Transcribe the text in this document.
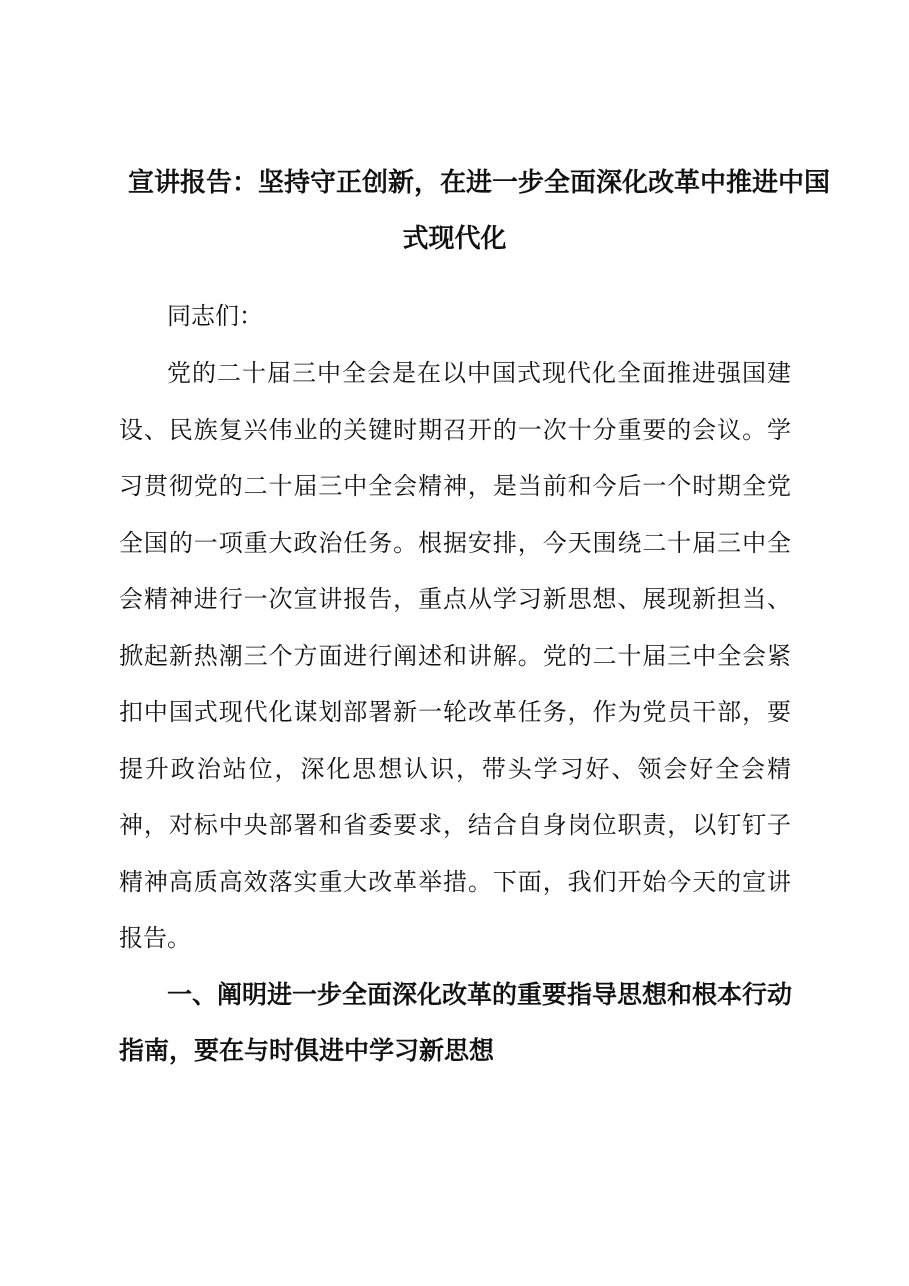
宣讲报告：坚持守正创新，在进一步全面深化改革中推进中国
式现代化
同志们：
党的二十届三中全会是在以中国式现代化全面推进强国建
设、民族复兴伟业的关键时期召开的一次十分重要的会议。学
习贯彻党的二十届三中全会精神，是当前和今后一个时期全党
全国的一项重大政治任务。根据安排，今天围绕二十届三中全
会精神进行一次宣讲报告，重点从学习新思想、展现新担当、
掀起新热潮三个方面进行阐述和讲解。党的二十届三中全会紧
扣中国式现代化谋划部署新一轮改革任务，作为党员干部，要
提升政治站位，深化思想认识，带头学习好、领会好全会精
神，对标中央部署和省委要求，结合自身岗位职责，以钉钉子
精神高质高效落实重大改革举措。下面，我们开始今天的宣讲
报告。
一、阐明进一步全面深化改革的重要指导思想和根本行动
指南，要在与时俱进中学习新思想
